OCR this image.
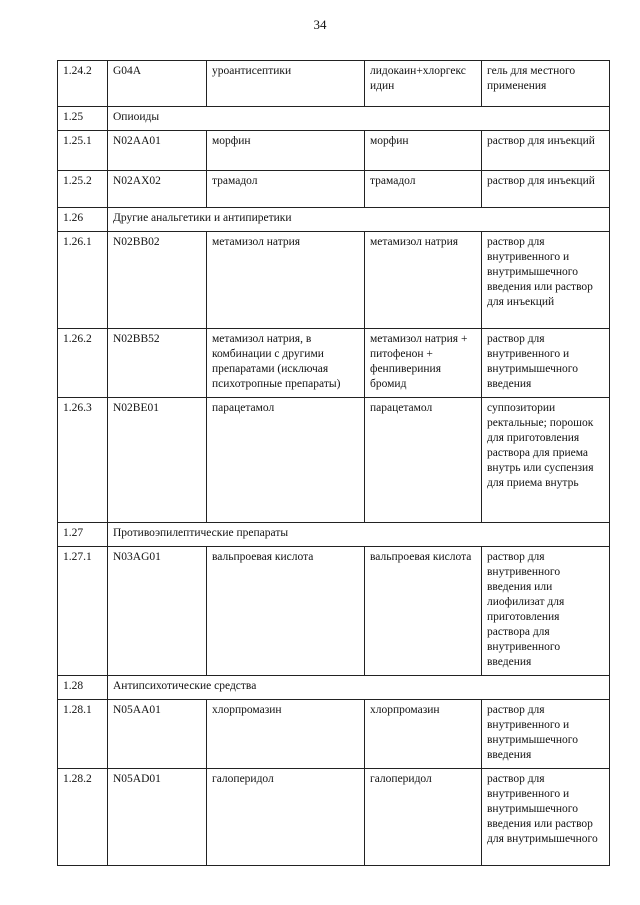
34
1.24.2	G04A	уроантисептики	лидокаин+хлоргекс идин	гель для местного применения
1.25	Опиоиды			
1.25.1	N02AA01	морфин	морфин	раствор для инъекций
1.25.2	N02AX02	трамадол	трамадол	раствор для инъекций
1.26	Другие анальгетики и антипиретики			
1.26.1	N02BB02	метамизол натрия	метамизол натрия	раствор для внутривенного и внутримышечного введения или раствор для инъекций
1.26.2	N02BB52	метамизол натрия, в комбинации с другими препаратами (исключая психотропные препараты)	метамизол натрия + питофенон + фенпивериния бромид	раствор для внутривенного и внутримышечного введения
1.26.3	N02BE01	парацетамол	парацетамол	суппозитории ректальные; порошок для приготовления раствора для приема внутрь или суспензия для приема внутрь
1.27	Противоэпилептические препараты			
1.27.1	N03AG01	вальпроевая кислота	вальпроевая кислота	раствор для внутривенного введения или лиофилизат для приготовления раствора для внутривенного введения
1.28	Антипсихотические средства			
1.28.1	N05AA01	хлорпромазин	хлорпромазин	раствор для внутривенного и внутримышечного введения
1.28.2	N05AD01	галоперидол	галоперидол	раствор для внутривенного и внутримышечного введения или раствор для внутримышечного
